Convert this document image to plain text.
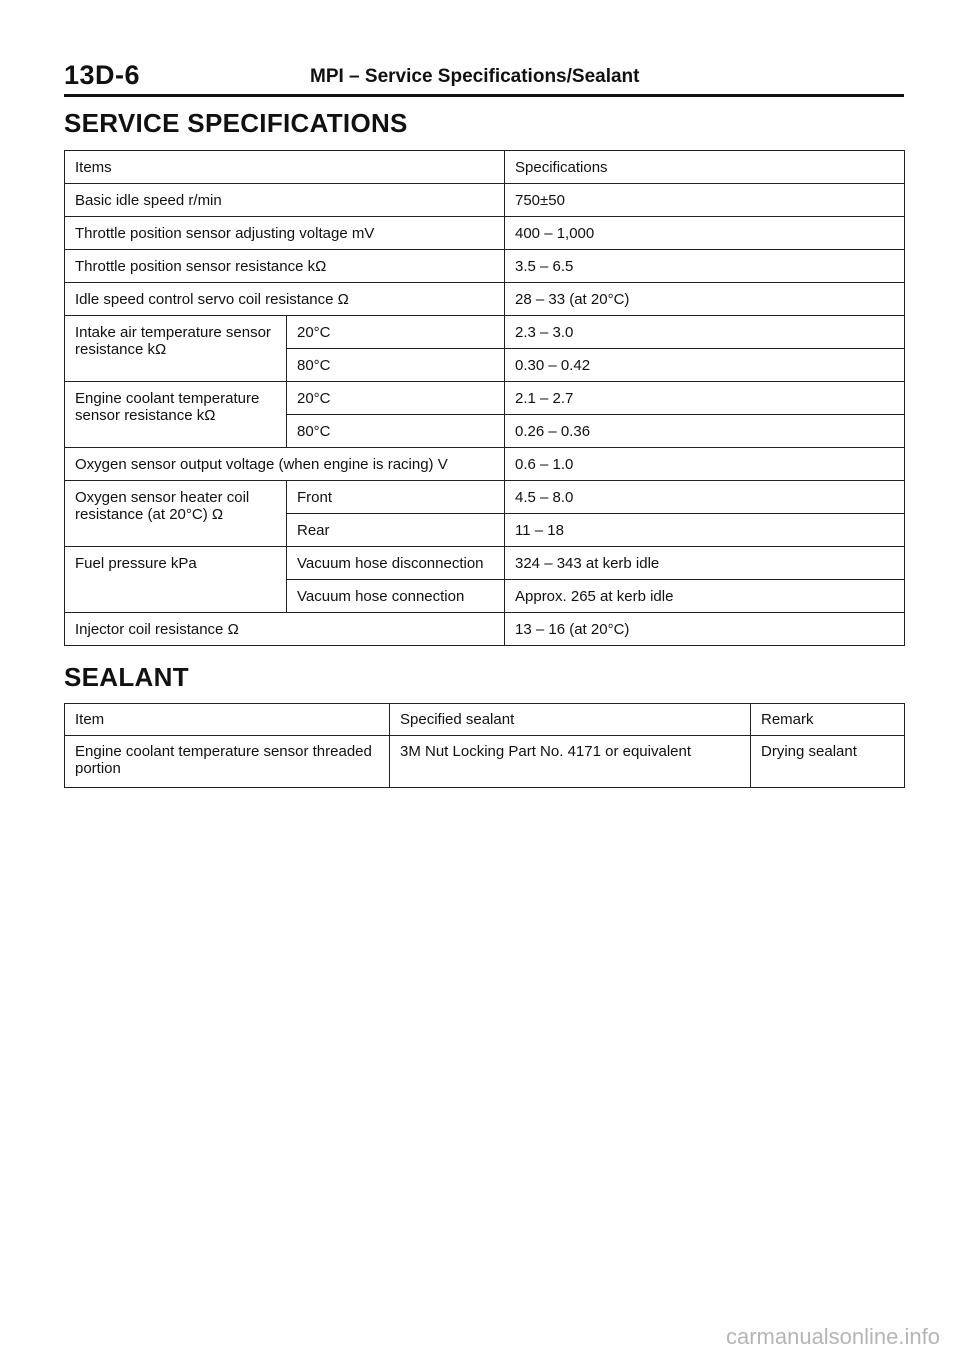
13D-6	MPI – Service Specifications/Sealant
SERVICE SPECIFICATIONS
Items		Specifications
Basic idle speed r/min		750±50
Throttle position sensor adjusting voltage mV		400 – 1,000
Throttle position sensor resistance kΩ		3.5 – 6.5
Idle speed control servo coil resistance Ω		28 – 33 (at 20°C)
Intake air temperature sensor resistance kΩ	20°C	2.3 – 3.0
	80°C	0.30 – 0.42
Engine coolant temperature sensor resistance kΩ	20°C	2.1 – 2.7
	80°C	0.26 – 0.36
Oxygen sensor output voltage (when engine is racing) V		0.6 – 1.0
Oxygen sensor heater coil resistance (at 20°C) Ω	Front	4.5 – 8.0
	Rear	11 – 18
Fuel pressure kPa	Vacuum hose disconnection	324 – 343 at kerb idle
	Vacuum hose connection	Approx. 265 at kerb idle
Injector coil resistance Ω		13 – 16 (at 20°C)
SEALANT
Item	Specified sealant	Remark
Engine coolant temperature sensor threaded portion	3M Nut Locking Part No. 4171 or equivalent	Drying sealant
carmanualsonline.info
